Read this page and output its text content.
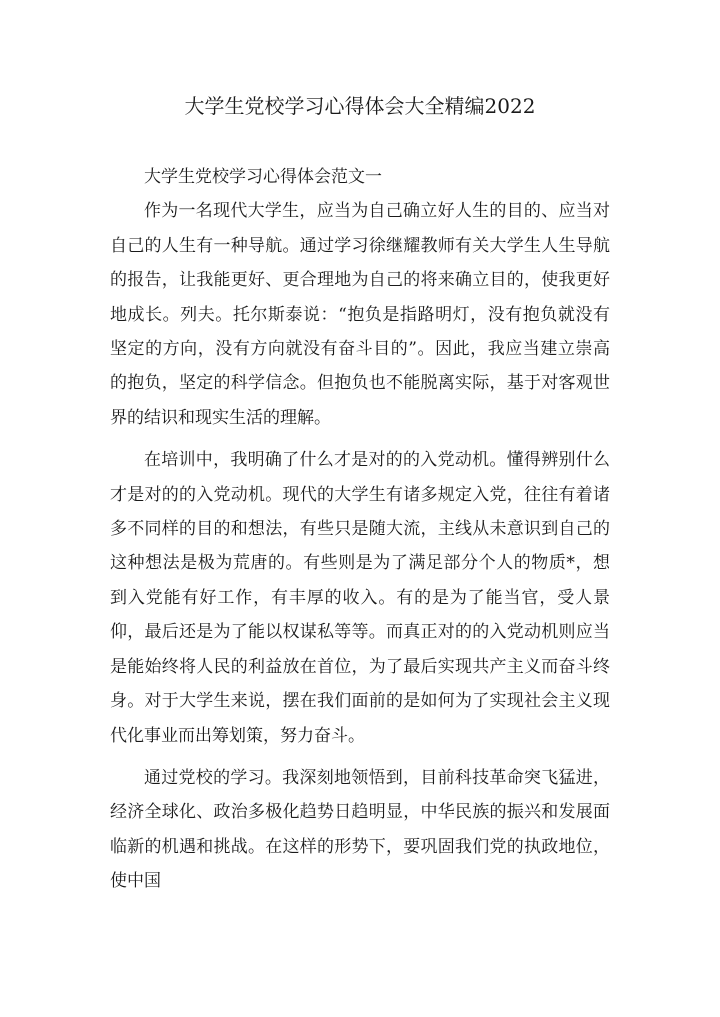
大学生党校学习心得体会大全精编2022

大学生党校学习心得体会范文一

作为一名现代大学生，应当为自己确立好人生的目的、应当对自己的人生有一种导航。通过学习徐继耀教师有关大学生人生导航的报告，让我能更好、更合理地为自己的将来确立目的，使我更好地成长。列夫。托尔斯泰说：“抱负是指路明灯，没有抱负就没有坚定的方向，没有方向就没有奋斗目的”。因此，我应当建立崇高的抱负，坚定的科学信念。但抱负也不能脱离实际，基于对客观世界的结识和现实生活的理解。

在培训中，我明确了什么才是对的的入党动机。懂得辨别什么才是对的的入党动机。现代的大学生有诸多规定入党，往往有着诸多不同样的目的和想法，有些只是随大流，主线从未意识到自己的这种想法是极为荒唐的。有些则是为了满足部分个人的物质*，想到入党能有好工作，有丰厚的收入。有的是为了能当官，受人景仰，最后还是为了能以权谋私等等。而真正对的的入党动机则应当是能始终将人民的利益放在首位，为了最后实现共产主义而奋斗终身。对于大学生来说，摆在我们面前的是如何为了实现社会主义现代化事业而出筹划策，努力奋斗。

通过党校的学习。我深刻地领悟到，目前科技革命突飞猛进，经济全球化、政治多极化趋势日趋明显，中华民族的振兴和发展面临新的机遇和挑战。在这样的形势下，要巩固我们党的执政地位，使中国
